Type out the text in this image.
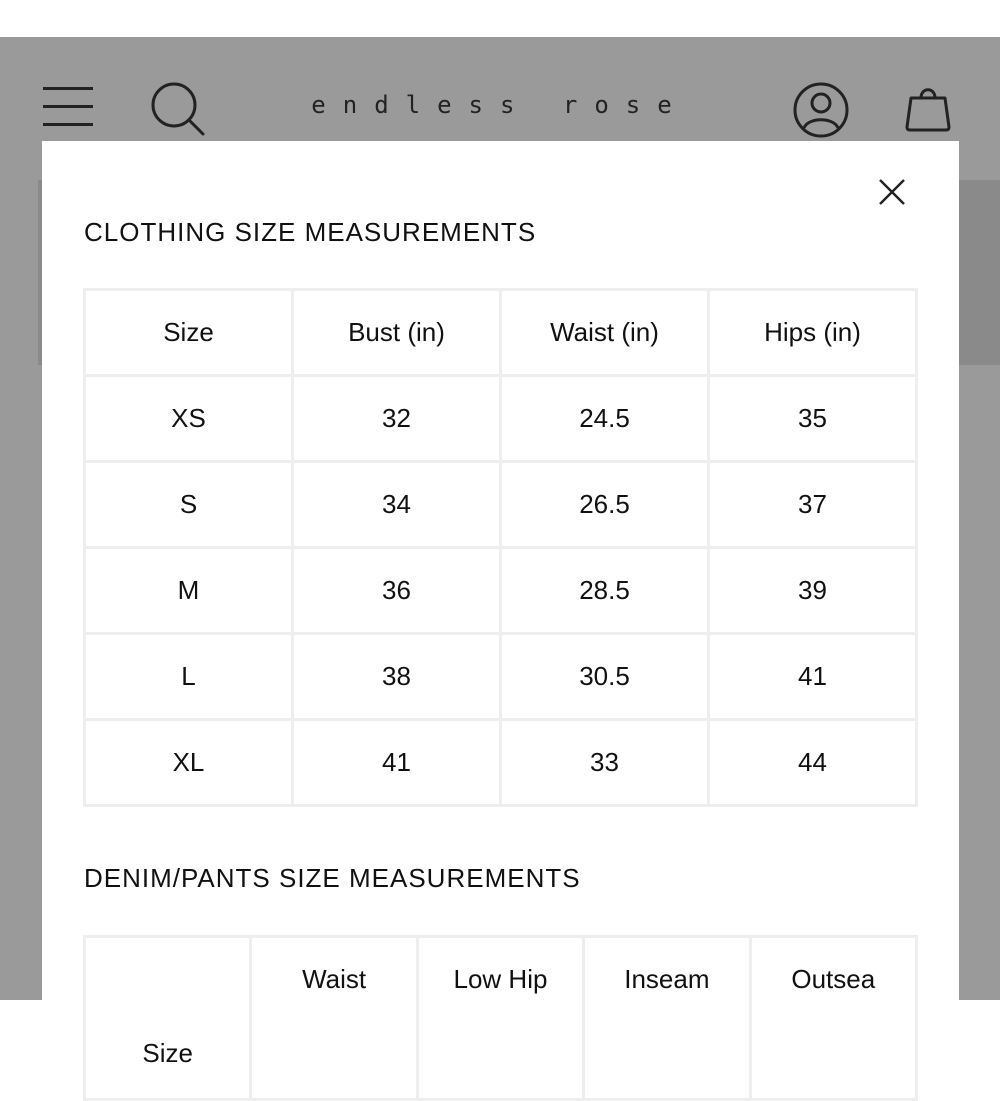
endless rose
CLOTHING SIZE MEASUREMENTS
Size	Bust (in)	Waist (in)	Hips (in)
XS	32	24.5	35
S	34	26.5	37
M	36	28.5	39
L	38	30.5	41
XL	41	33	44
DENIM/PANTS SIZE MEASUREMENTS
Size	Waist	Low Hip	Inseam	Outsea
